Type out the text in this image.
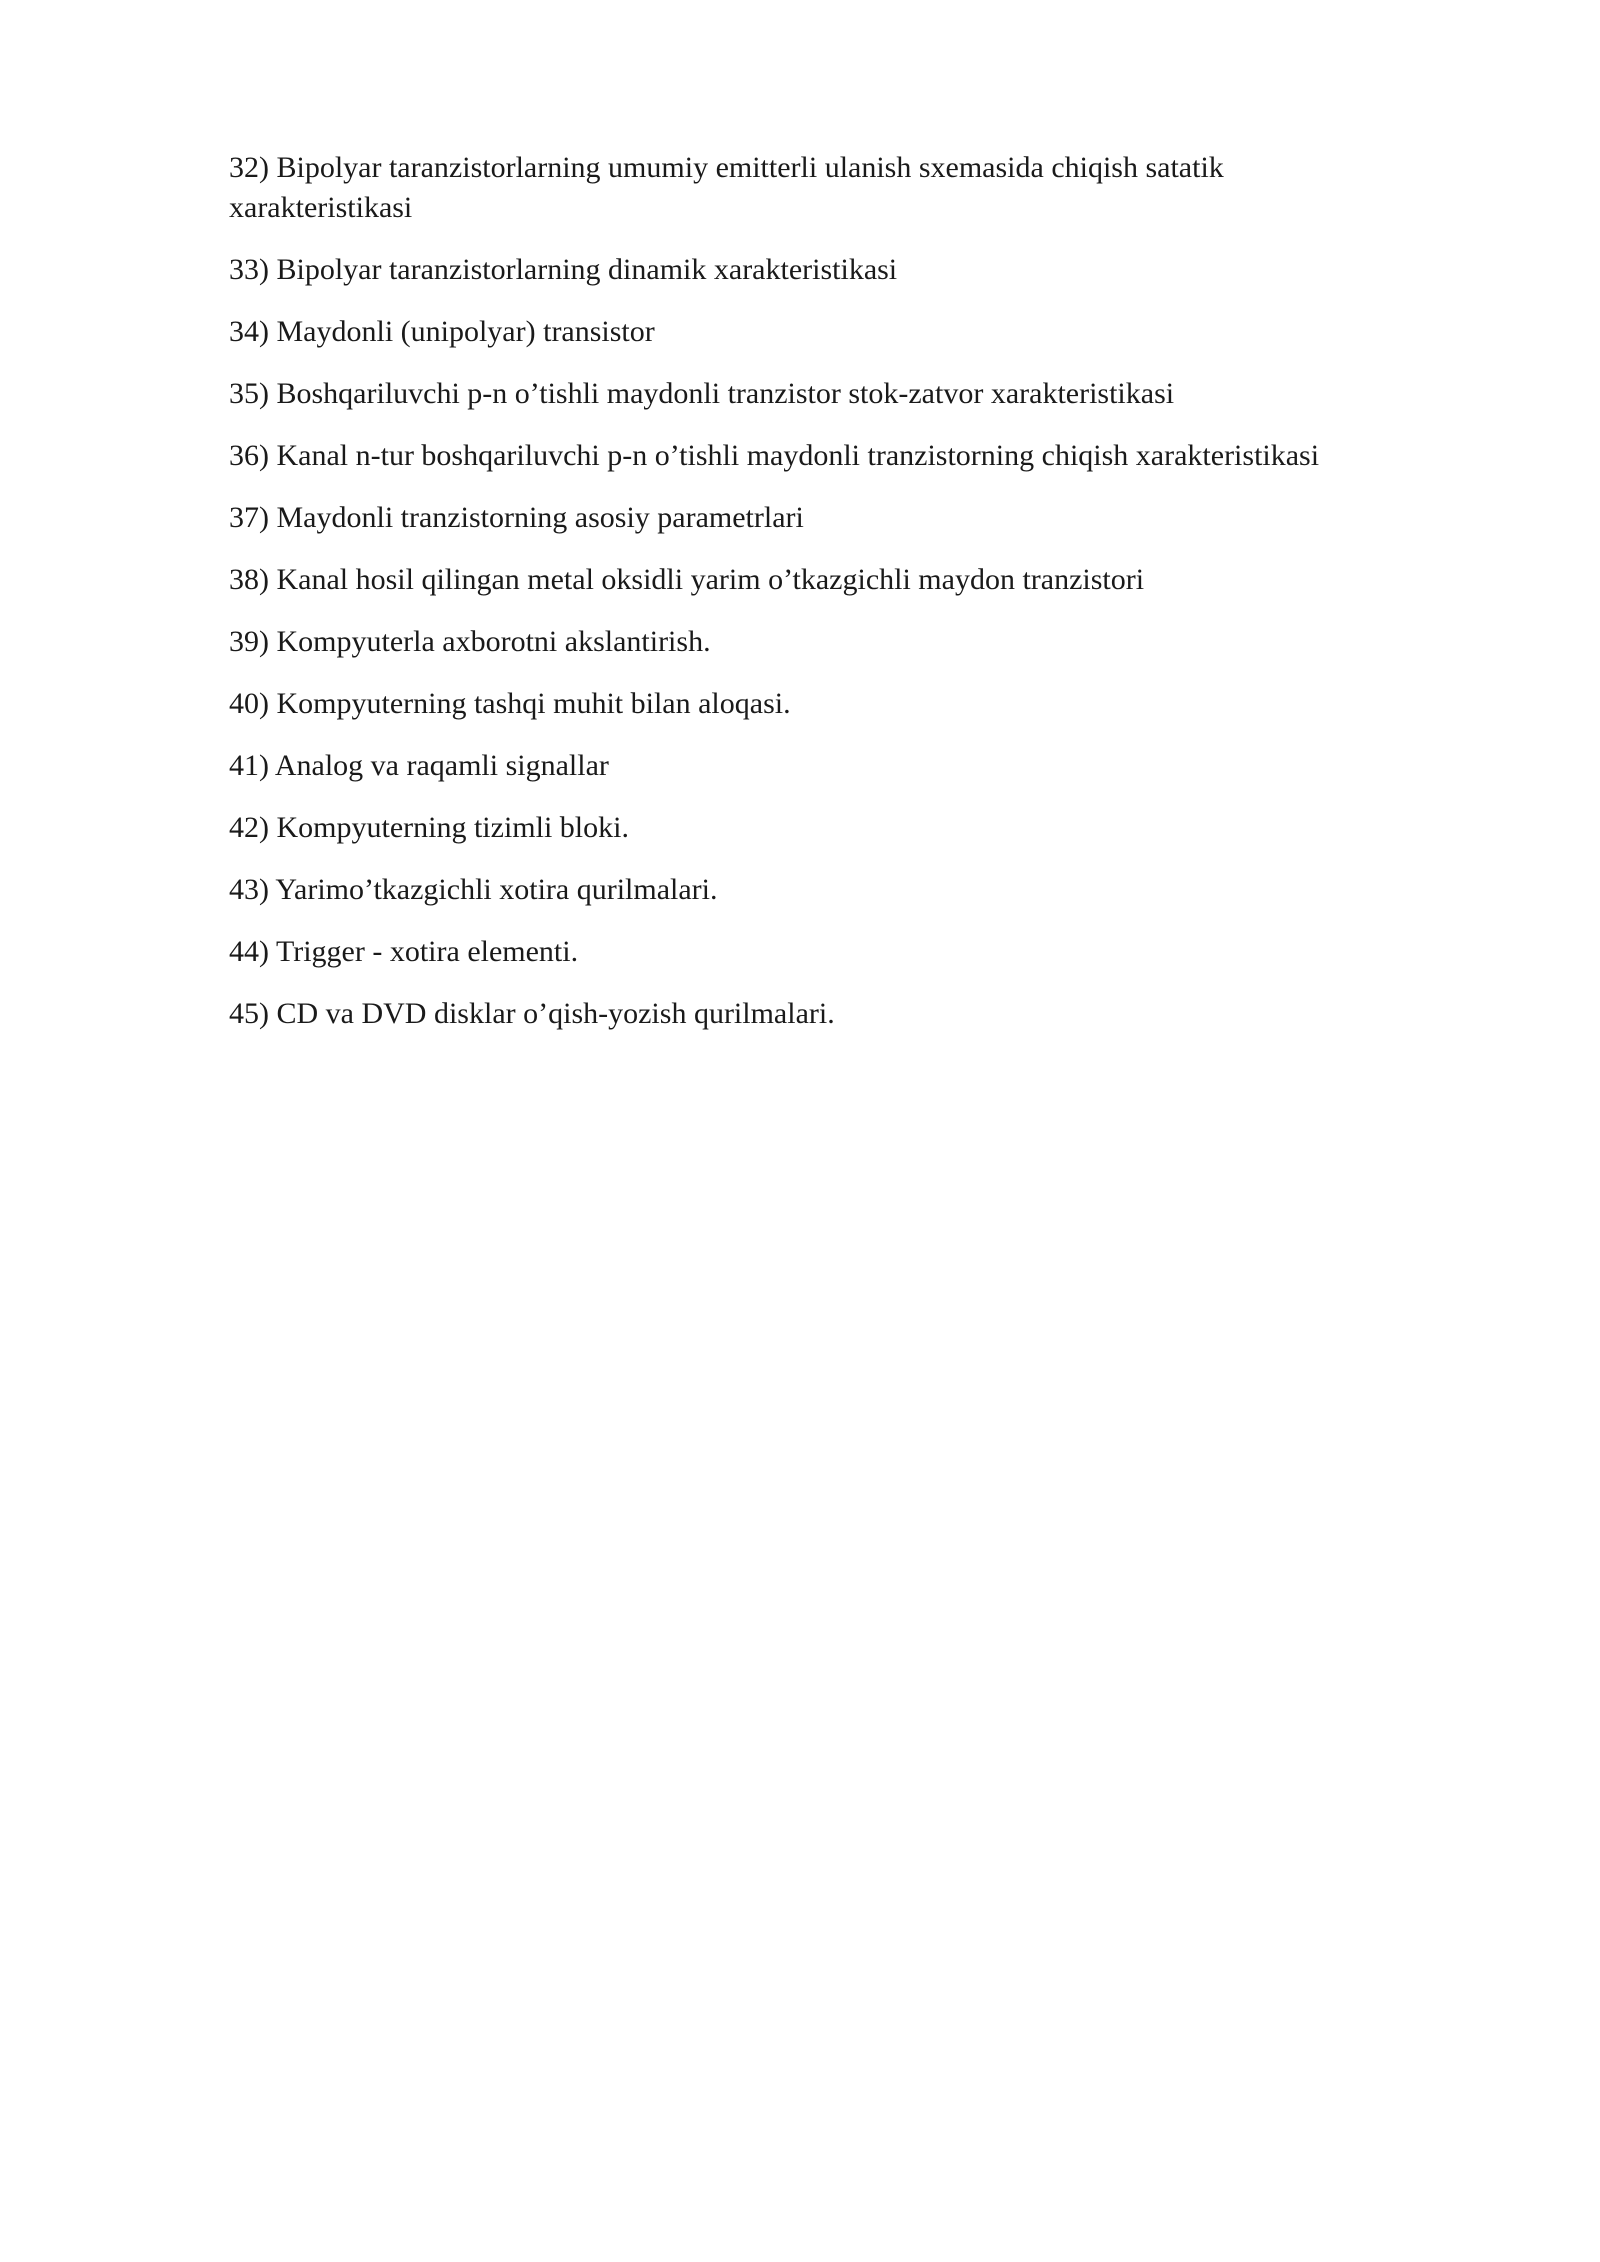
32) Bipolyar taranzistorlarning umumiy emitterli ulanish sxemasida chiqish satatik xarakteristikasi
33) Bipolyar taranzistorlarning dinamik xarakteristikasi
34) Maydonli (unipolyar) transistor
35) Boshqariluvchi p-n o’tishli maydonli tranzistor stok-zatvor xarakteristikasi
36) Kanal n-tur boshqariluvchi p-n o’tishli maydonli tranzistorning chiqish xarakteristikasi
37) Maydonli tranzistorning asosiy parametrlari
38) Kanal hosil qilingan metal oksidli yarim o’tkazgichli maydon tranzistori
39) Kompyuterla axborotni akslantirish.
40) Kompyuterning tashqi muhit bilan aloqasi.
41) Analog va raqamli signallar
42) Kompyuterning tizimli bloki.
43) Yarimo’tkazgichli xotira qurilmalari.
44) Trigger - xotira elementi.
45) CD va DVD disklar o’qish-yozish qurilmalari.
